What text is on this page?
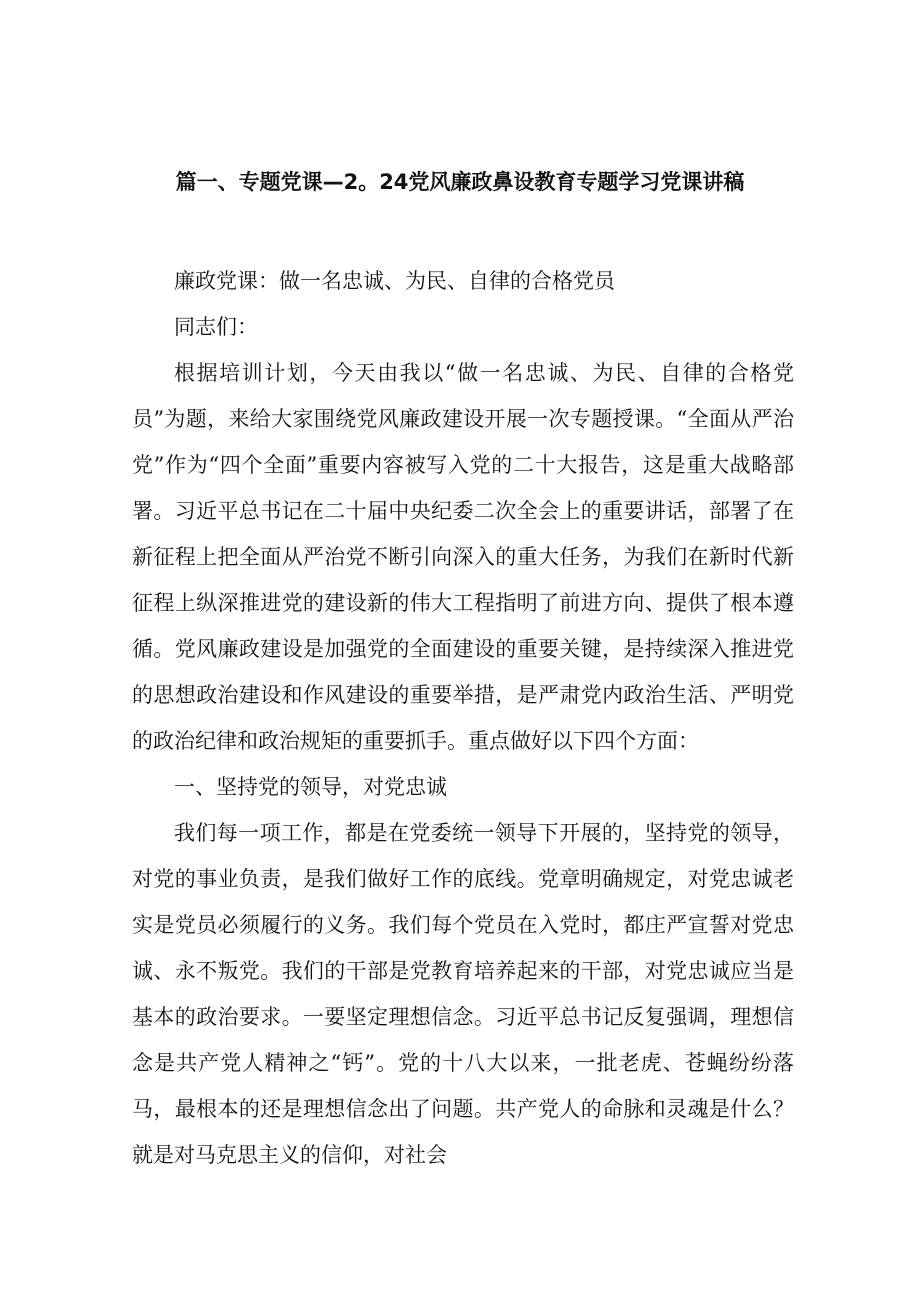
篇一、专题党课—2。24党风廉政鼻设教育专题学习党课讲稿

廉政党课：做一名忠诚、为民、自律的合格党员

同志们：

根据培训计划，今天由我以“做一名忠诚、为民、自律的合格党员”为题，来给大家围绕党风廉政建设开展一次专题授课。“全面从严治党”作为“四个全面”重要内容被写入党的二十大报告，这是重大战略部署。习近平总书记在二十届中央纪委二次全会上的重要讲话，部署了在新征程上把全面从严治党不断引向深入的重大任务，为我们在新时代新征程上纵深推进党的建设新的伟大工程指明了前进方向、提供了根本遵循。党风廉政建设是加强党的全面建设的重要关键，是持续深入推进党的思想政治建设和作风建设的重要举措，是严肃党内政治生活、严明党的政治纪律和政治规矩的重要抓手。重点做好以下四个方面：

一、坚持党的领导，对党忠诚

我们每一项工作，都是在党委统一领导下开展的，坚持党的领导，对党的事业负责，是我们做好工作的底线。党章明确规定，对党忠诚老实是党员必须履行的义务。我们每个党员在入党时，都庄严宣誓对党忠诚、永不叛党。我们的干部是党教育培养起来的干部，对党忠诚应当是基本的政治要求。一要坚定理想信念。习近平总书记反复强调，理想信念是共产党人精神之“钙”。党的十八大以来，一批老虎、苍蝇纷纷落马，最根本的还是理想信念出了问题。共产党人的命脉和灵魂是什么？就是对马克思主义的信仰，对社会
